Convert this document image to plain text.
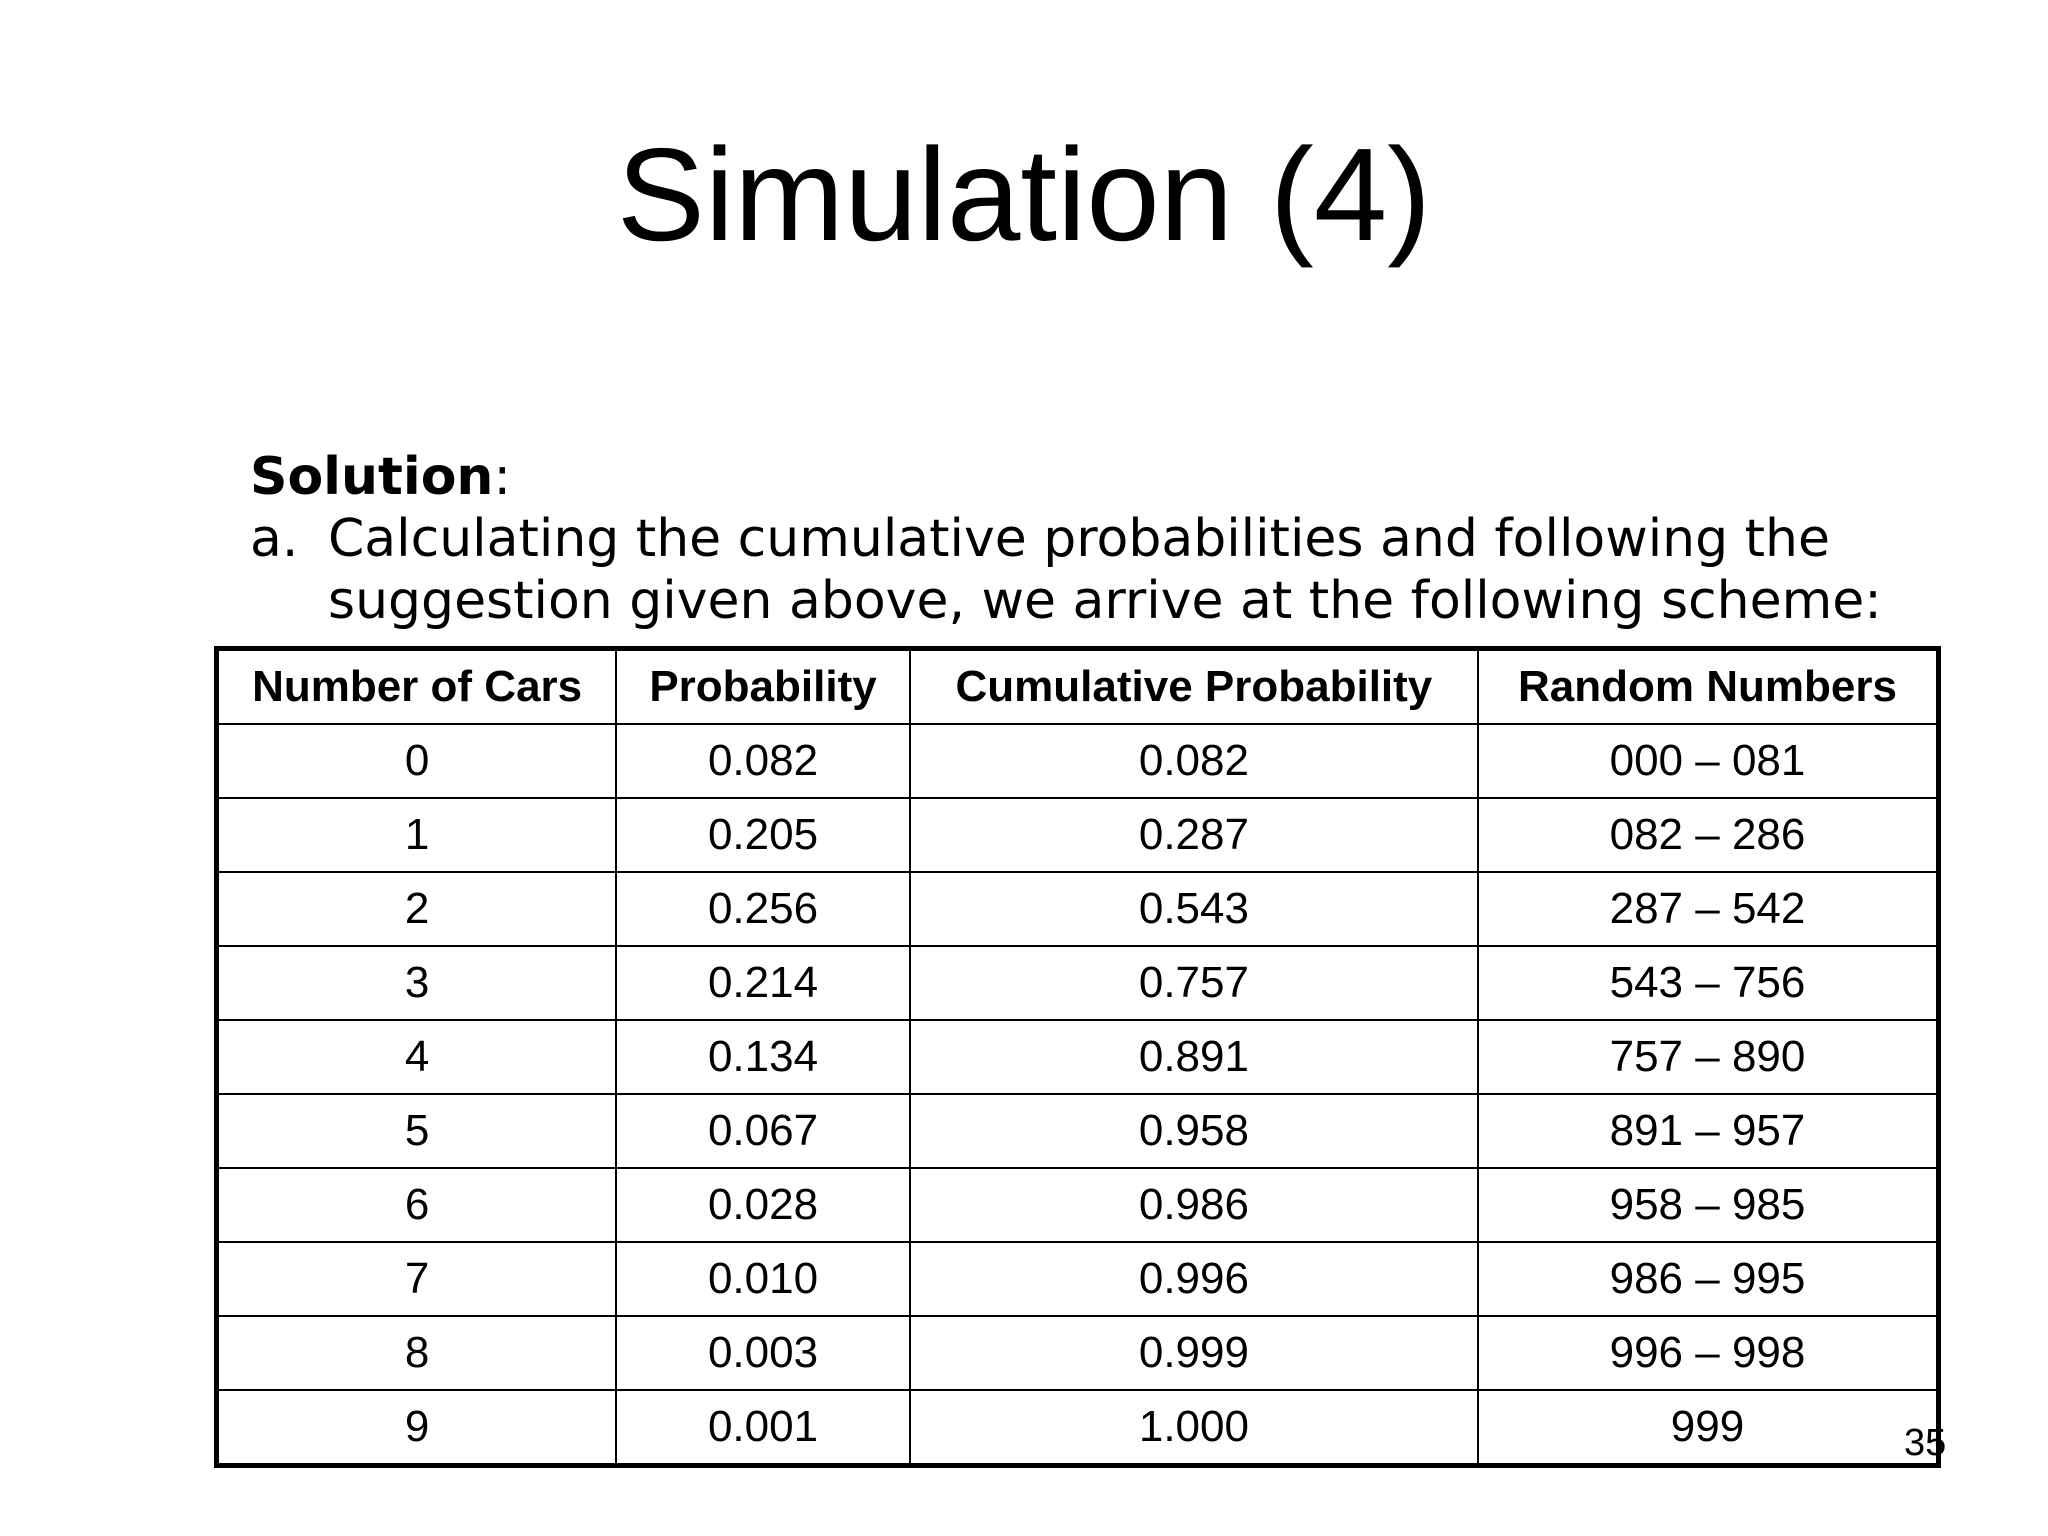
Simulation (4)

Solution:

a. Calculating the cumulative probabilities and following the suggestion given above, we arrive at the following scheme:
Number of Cars	Probability	Cumulative Probability	Random Numbers
0	0.082	0.082	000 – 081
1	0.205	0.287	082 – 286
2	0.256	0.543	287 – 542
3	0.214	0.757	543 – 756
4	0.134	0.891	757 – 890
5	0.067	0.958	891 – 957
6	0.028	0.986	958 – 985
7	0.010	0.996	986 – 995
8	0.003	0.999	996 – 998
9	0.001	1.000	999	35
